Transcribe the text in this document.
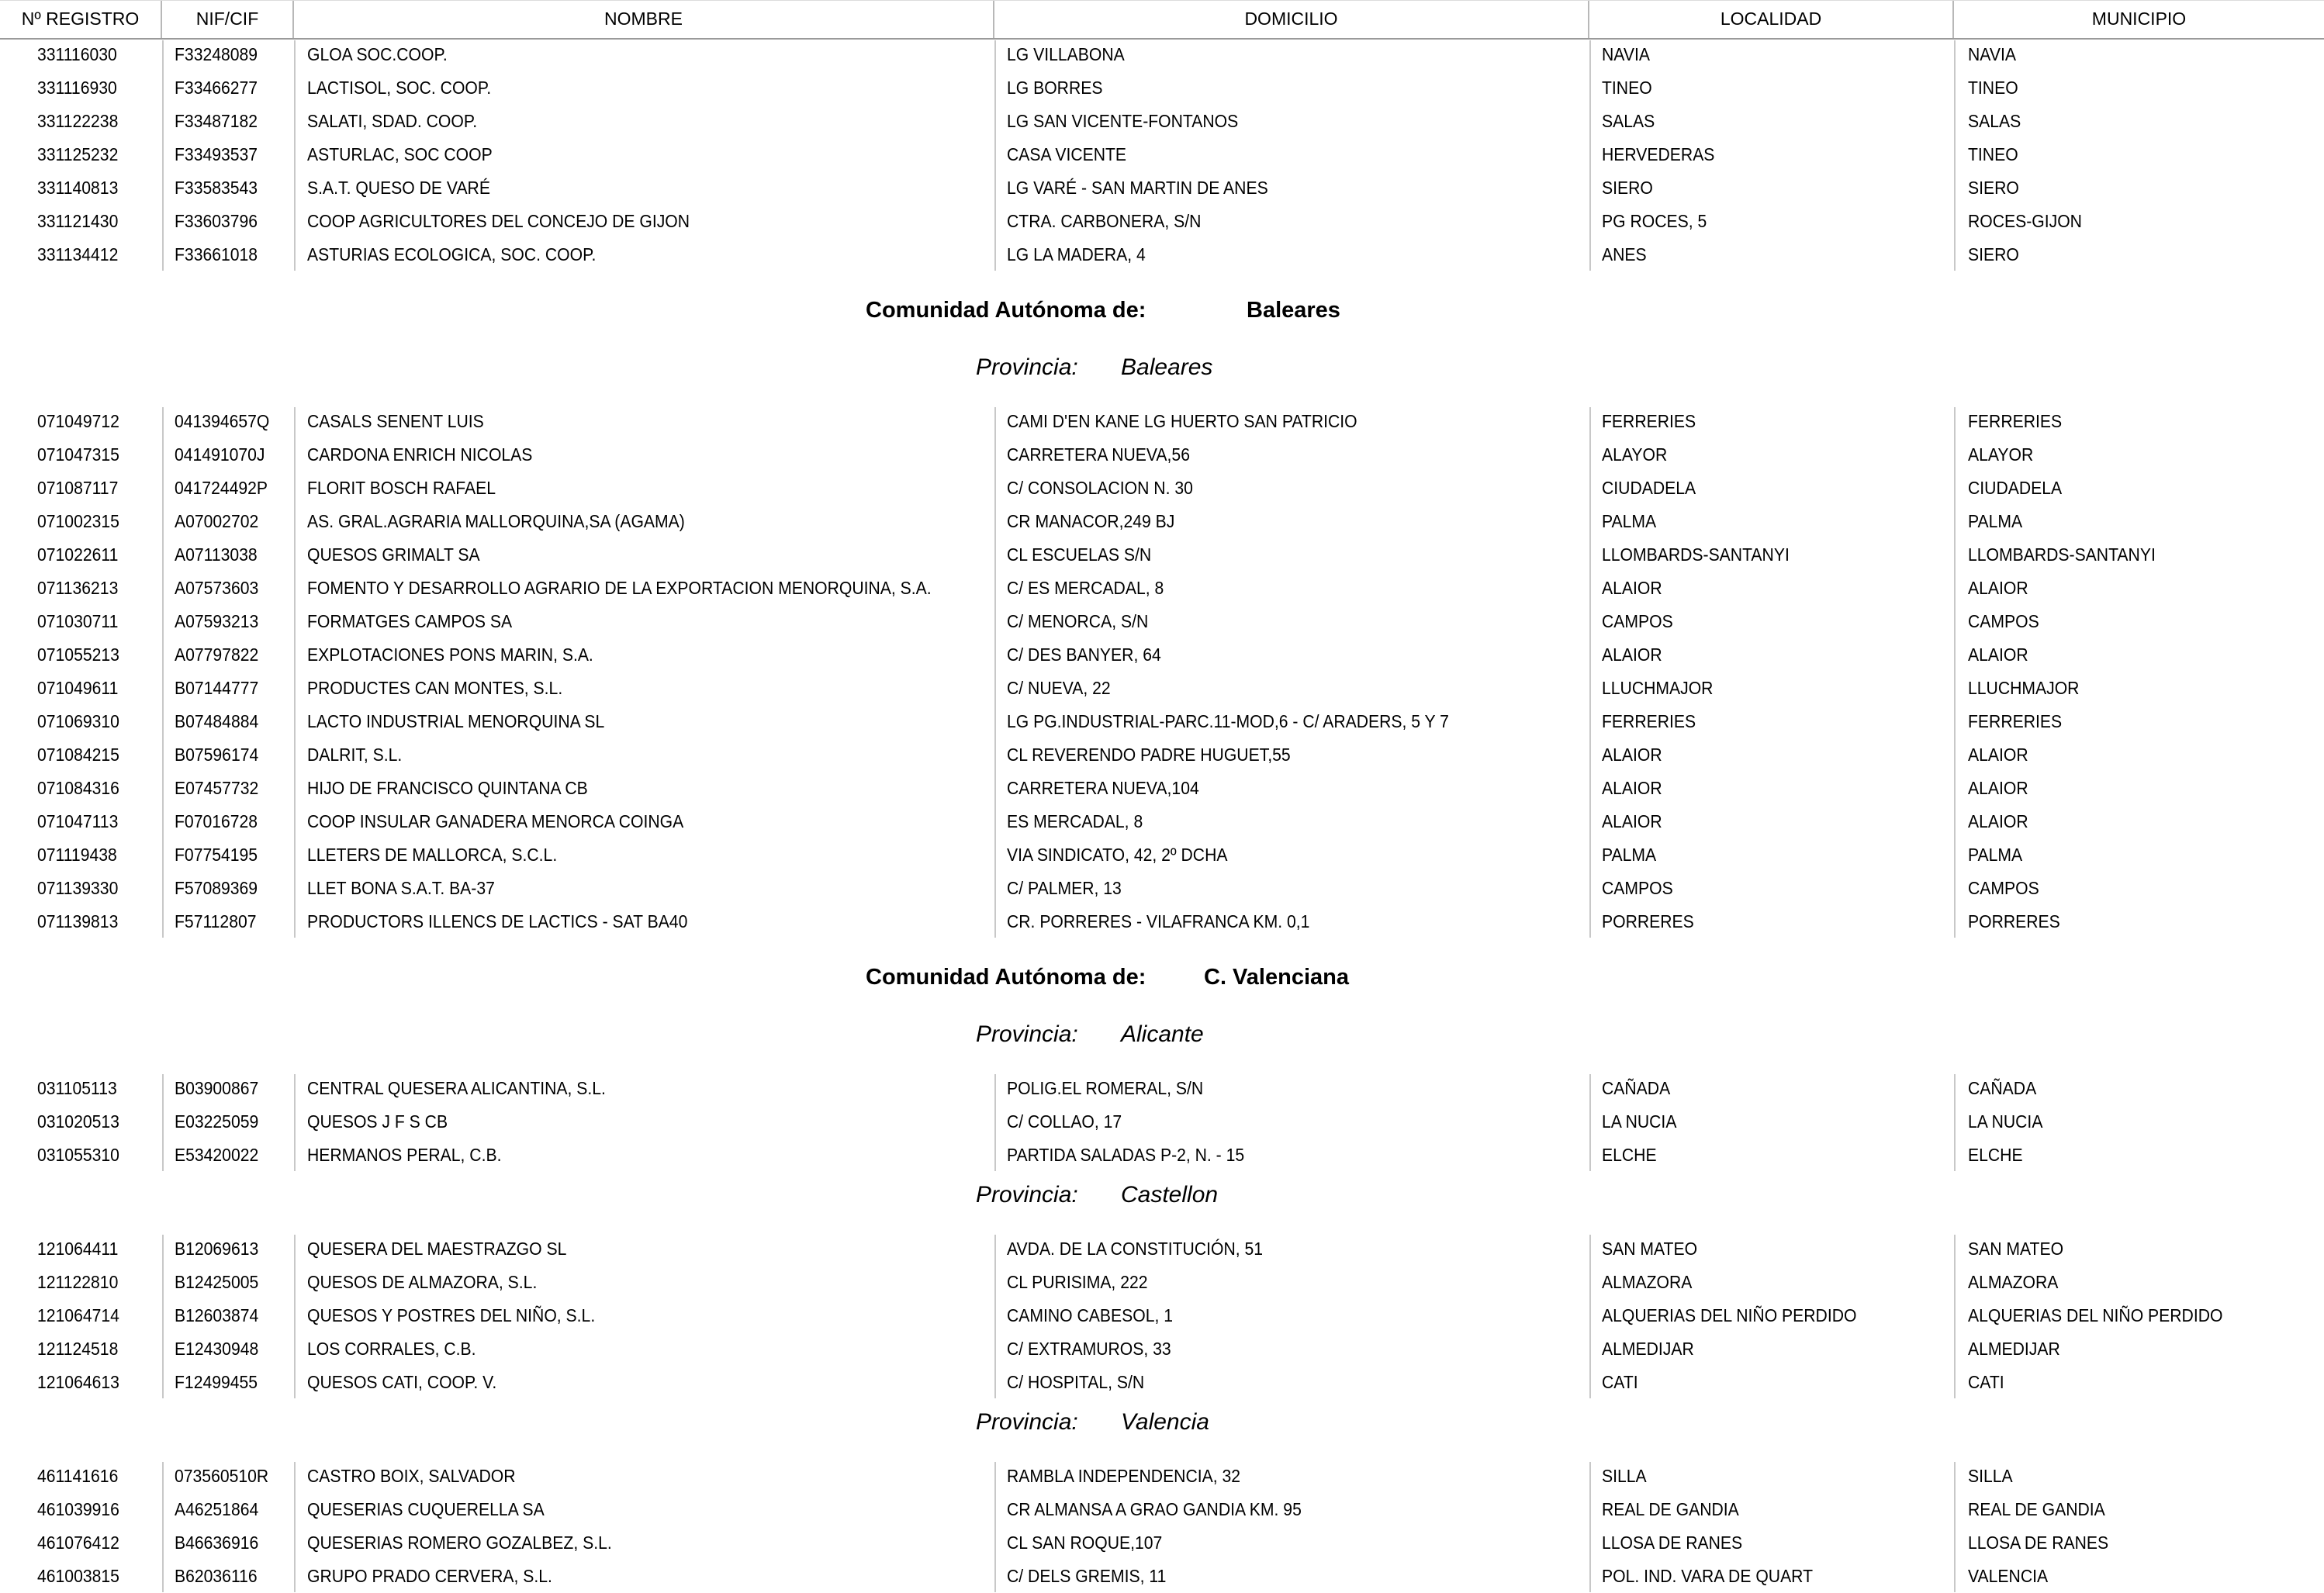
Nº REGISTRO	NIF/CIF	NOMBRE	DOMICILIO	LOCALIDAD	MUNICIPIO
331116030	F33248089	GLOA SOC.COOP.	LG VILLABONA	NAVIA	NAVIA
331116930	F33466277	LACTISOL, SOC. COOP.	LG BORRES	TINEO	TINEO
331122238	F33487182	SALATI, SDAD. COOP.	LG SAN VICENTE-FONTANOS	SALAS	SALAS
331125232	F33493537	ASTURLAC, SOC COOP	CASA VICENTE	HERVEDERAS	TINEO
331140813	F33583543	S.A.T. QUESO DE VARÉ	LG VARÉ - SAN MARTIN DE ANES	SIERO	SIERO
331121430	F33603796	COOP AGRICULTORES DEL CONCEJO DE GIJON	CTRA. CARBONERA, S/N	PG ROCES, 5	ROCES-GIJON
331134412	F33661018	ASTURIAS ECOLOGICA, SOC. COOP.	LG LA MADERA, 4	ANES	SIERO
Comunidad Autónoma de:	Baleares
Provincia: Baleares
071049712	041394657Q	CASALS SENENT LUIS	CAMI D'EN KANE LG HUERTO SAN PATRICIO	FERRERIES	FERRERIES
071047315	041491070J	CARDONA ENRICH NICOLAS	CARRETERA NUEVA,56	ALAYOR	ALAYOR
071087117	041724492P	FLORIT BOSCH RAFAEL	C/ CONSOLACION N. 30	CIUDADELA	CIUDADELA
071002315	A07002702	AS. GRAL.AGRARIA MALLORQUINA,SA (AGAMA)	CR MANACOR,249 BJ	PALMA	PALMA
071022611	A07113038	QUESOS GRIMALT SA	CL ESCUELAS S/N	LLOMBARDS-SANTANYI	LLOMBARDS-SANTANYI
071136213	A07573603	FOMENTO Y DESARROLLO AGRARIO DE LA EXPORTACION MENORQUINA, S.A.	C/ ES MERCADAL, 8	ALAIOR	ALAIOR
071030711	A07593213	FORMATGES CAMPOS SA	C/ MENORCA, S/N	CAMPOS	CAMPOS
071055213	A07797822	EXPLOTACIONES PONS MARIN, S.A.	C/ DES BANYER, 64	ALAIOR	ALAIOR
071049611	B07144777	PRODUCTES CAN MONTES, S.L.	C/ NUEVA, 22	LLUCHMAJOR	LLUCHMAJOR
071069310	B07484884	LACTO INDUSTRIAL MENORQUINA SL	LG PG.INDUSTRIAL-PARC.11-MOD,6 - C/ ARADERS, 5 Y 7	FERRERIES	FERRERIES
071084215	B07596174	DALRIT, S.L.	CL REVERENDO PADRE HUGUET,55	ALAIOR	ALAIOR
071084316	E07457732	HIJO DE FRANCISCO QUINTANA CB	CARRETERA NUEVA,104	ALAIOR	ALAIOR
071047113	F07016728	COOP INSULAR GANADERA MENORCA COINGA	ES MERCADAL, 8	ALAIOR	ALAIOR
071119438	F07754195	LLETERS DE MALLORCA, S.C.L.	VIA SINDICATO, 42, 2º DCHA	PALMA	PALMA
071139330	F57089369	LLET BONA S.A.T. BA-37	C/ PALMER, 13	CAMPOS	CAMPOS
071139813	F57112807	PRODUCTORS ILLENCS DE LACTICS - SAT BA40	CR. PORRERES - VILAFRANCA KM. 0,1	PORRERES	PORRERES
Comunidad Autónoma de:	C. Valenciana
Provincia: Alicante
031105113	B03900867	CENTRAL QUESERA ALICANTINA, S.L.	POLIG.EL ROMERAL, S/N	CAÑADA	CAÑADA
031020513	E03225059	QUESOS J F S CB	C/ COLLAO, 17	LA NUCIA	LA NUCIA
031055310	E53420022	HERMANOS PERAL, C.B.	PARTIDA SALADAS P-2, N. - 15	ELCHE	ELCHE
Provincia: Castellon
121064411	B12069613	QUESERA DEL MAESTRAZGO SL	AVDA. DE LA CONSTITUCIÓN, 51	SAN MATEO	SAN MATEO
121122810	B12425005	QUESOS DE ALMAZORA, S.L.	CL PURISIMA, 222	ALMAZORA	ALMAZORA
121064714	B12603874	QUESOS Y POSTRES DEL NIÑO, S.L.	CAMINO CABESOL, 1	ALQUERIAS DEL NIÑO PERDIDO	ALQUERIAS DEL NIÑO PERDIDO
121124518	E12430948	LOS CORRALES, C.B.	C/ EXTRAMUROS, 33	ALMEDIJAR	ALMEDIJAR
121064613	F12499455	QUESOS CATI, COOP. V.	C/ HOSPITAL, S/N	CATI	CATI
Provincia: Valencia
461141616	073560510R	CASTRO BOIX, SALVADOR	RAMBLA INDEPENDENCIA, 32	SILLA	SILLA
461039916	A46251864	QUESERIAS CUQUERELLA SA	CR ALMANSA A GRAO GANDIA KM. 95	REAL DE GANDIA	REAL DE GANDIA
461076412	B46636916	QUESERIAS ROMERO GOZALBEZ, S.L.	CL SAN ROQUE,107	LLOSA DE RANES	LLOSA DE RANES
461003815	B62036116	GRUPO PRADO CERVERA, S.L.	C/ DELS GREMIS, 11	POL. IND. VARA DE QUART	VALENCIA
